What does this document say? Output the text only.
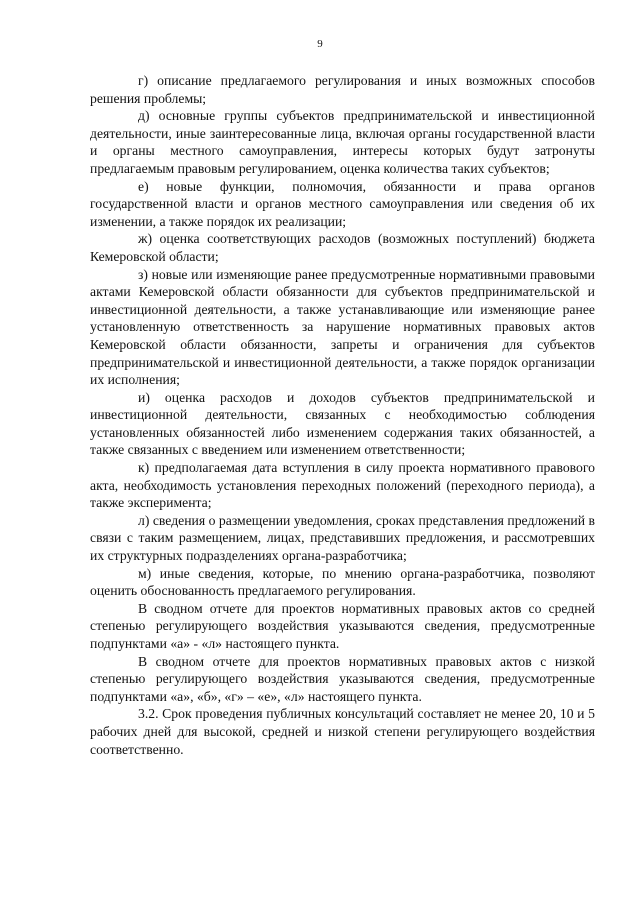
9

г) описание предлагаемого регулирования и иных возможных способов решения проблемы;

д) основные группы субъектов предпринимательской и инвестиционной деятельности, иные заинтересованные лица, включая органы государственной власти и органы местного самоуправления, интересы которых будут затронуты предлагаемым правовым регулированием, оценка количества таких субъектов;

е) новые функции, полномочия, обязанности и права органов государственной власти и органов местного самоуправления или сведения об их изменении, а также порядок их реализации;

ж) оценка соответствующих расходов (возможных поступлений) бюджета Кемеровской области;

з) новые или изменяющие ранее предусмотренные нормативными правовыми актами Кемеровской области обязанности для субъектов предпринимательской и инвестиционной деятельности, а также устанавливающие или изменяющие ранее установленную ответственность за нарушение нормативных правовых актов Кемеровской области обязанности, запреты и ограничения для субъектов предпринимательской и инвестиционной деятельности, а также порядок организации их исполнения;

и) оценка расходов и доходов субъектов предпринимательской и инвестиционной деятельности, связанных с необходимостью соблюдения установленных обязанностей либо изменением содержания таких обязанностей, а также связанных с введением или изменением ответственности;

к) предполагаемая дата вступления в силу проекта нормативного правового акта, необходимость установления переходных положений (переходного периода), а также эксперимента;

л) сведения о размещении уведомления, сроках представления предложений в связи с таким размещением, лицах, представивших предложения, и рассмотревших их структурных подразделениях органа-разработчика;

м) иные сведения, которые, по мнению органа-разработчика, позволяют оценить обоснованность предлагаемого регулирования.

В сводном отчете для проектов нормативных правовых актов со средней степенью регулирующего воздействия указываются сведения, предусмотренные подпунктами «а» - «л» настоящего пункта.

В сводном отчете для проектов нормативных правовых актов с низкой степенью регулирующего воздействия указываются сведения, предусмотренные подпунктами «а», «б», «г» – «е», «л» настоящего пункта.

3.2. Срок проведения публичных консультаций составляет не менее 20, 10 и 5 рабочих дней для высокой, средней и низкой степени регулирующего воздействия соответственно.
